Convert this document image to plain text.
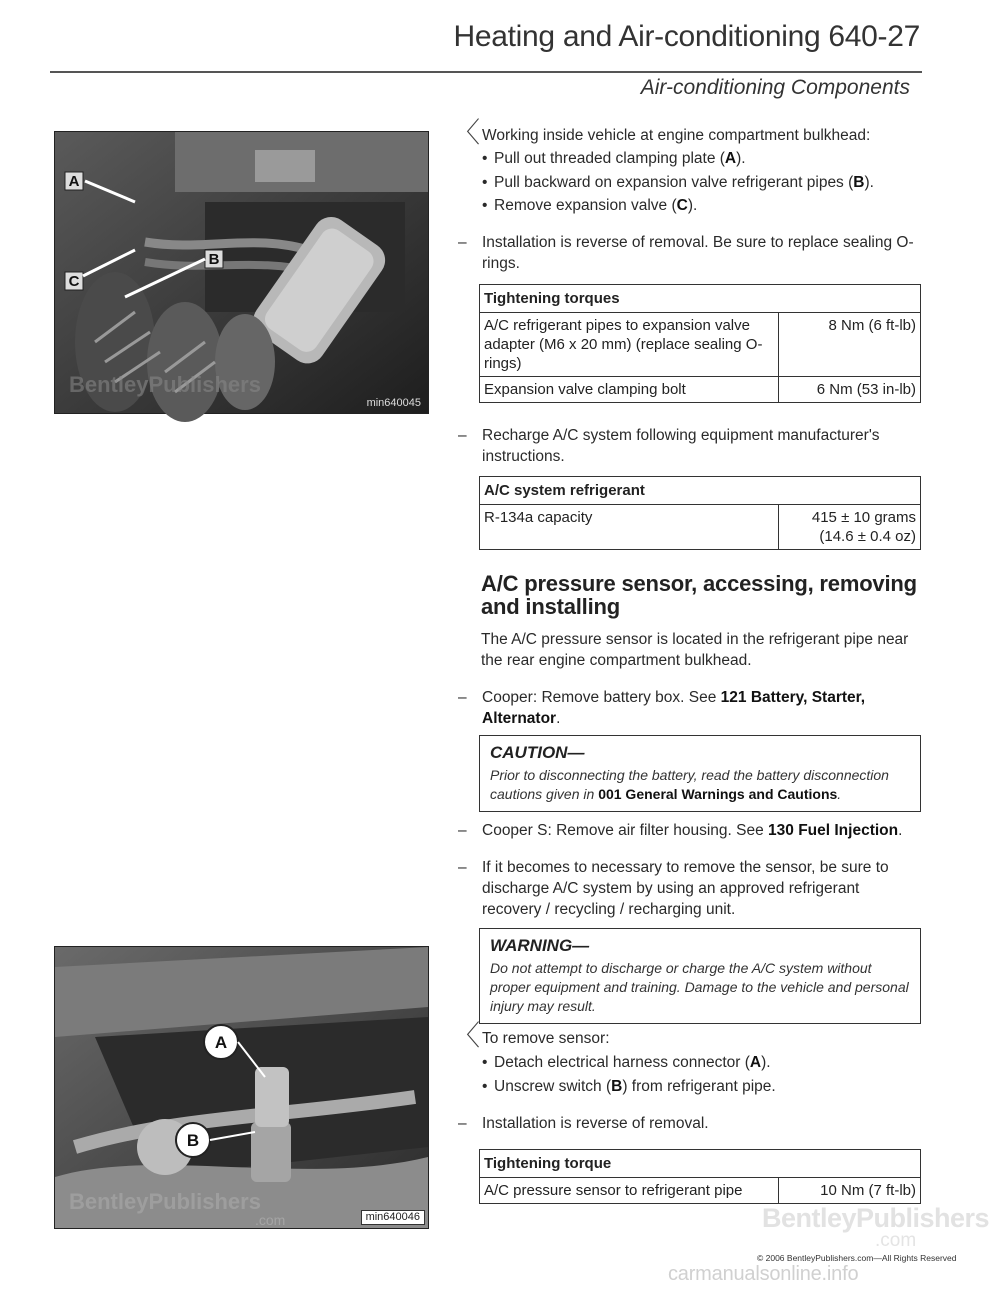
Heating and Air-conditioning 640-27
Air-conditioning Components
A
B
C
BentleyPublishers
min640045
A
B
BentleyPublishers
.com	min640046
〈 Working inside vehicle at engine compartment bulkhead:
• Pull out threaded clamping plate (A).
• Pull backward on expansion valve refrigerant pipes (B).
• Remove expansion valve (C).
– Installation is reverse of removal. Be sure to replace sealing O-rings.
Tightening torques	
A/C refrigerant pipes to expansion valve adapter (M6 x 20 mm) (replace sealing O-rings)	8 Nm (6 ft-lb)
Expansion valve clamping bolt	6 Nm (53 in-lb)
– Recharge A/C system following equipment manufacturer's instructions.
A/C system refrigerant
R-134a capacity	415 ± 10 grams
(14.6 ± 0.4 oz)
A/C pressure sensor, accessing, removing and installing
The A/C pressure sensor is located in the refrigerant pipe near the rear engine compartment bulkhead.
– Cooper: Remove battery box. See 121 Battery, Starter, Alternator.
CAUTION—
Prior to disconnecting the battery, read the battery disconnection cautions given in 001 General Warnings and Cautions.
– Cooper S: Remove air filter housing. See 130 Fuel Injection.
– If it becomes to necessary to remove the sensor, be sure to discharge A/C system by using an approved refrigerant recovery / recycling / recharging unit.
WARNING—
Do not attempt to discharge or charge the A/C system without proper equipment and training. Damage to the vehicle and personal injury may result.
〈 To remove sensor:
• Detach electrical harness connector (A).
• Unscrew switch (B) from refrigerant pipe.
– Installation is reverse of removal.
Tightening torque
A/C pressure sensor to refrigerant pipe	10 Nm (7 ft-lb)
BentleyPublishers
.com
© 2006 BentleyPublishers.com—All Rights Reserved
carmanualsonline.info
